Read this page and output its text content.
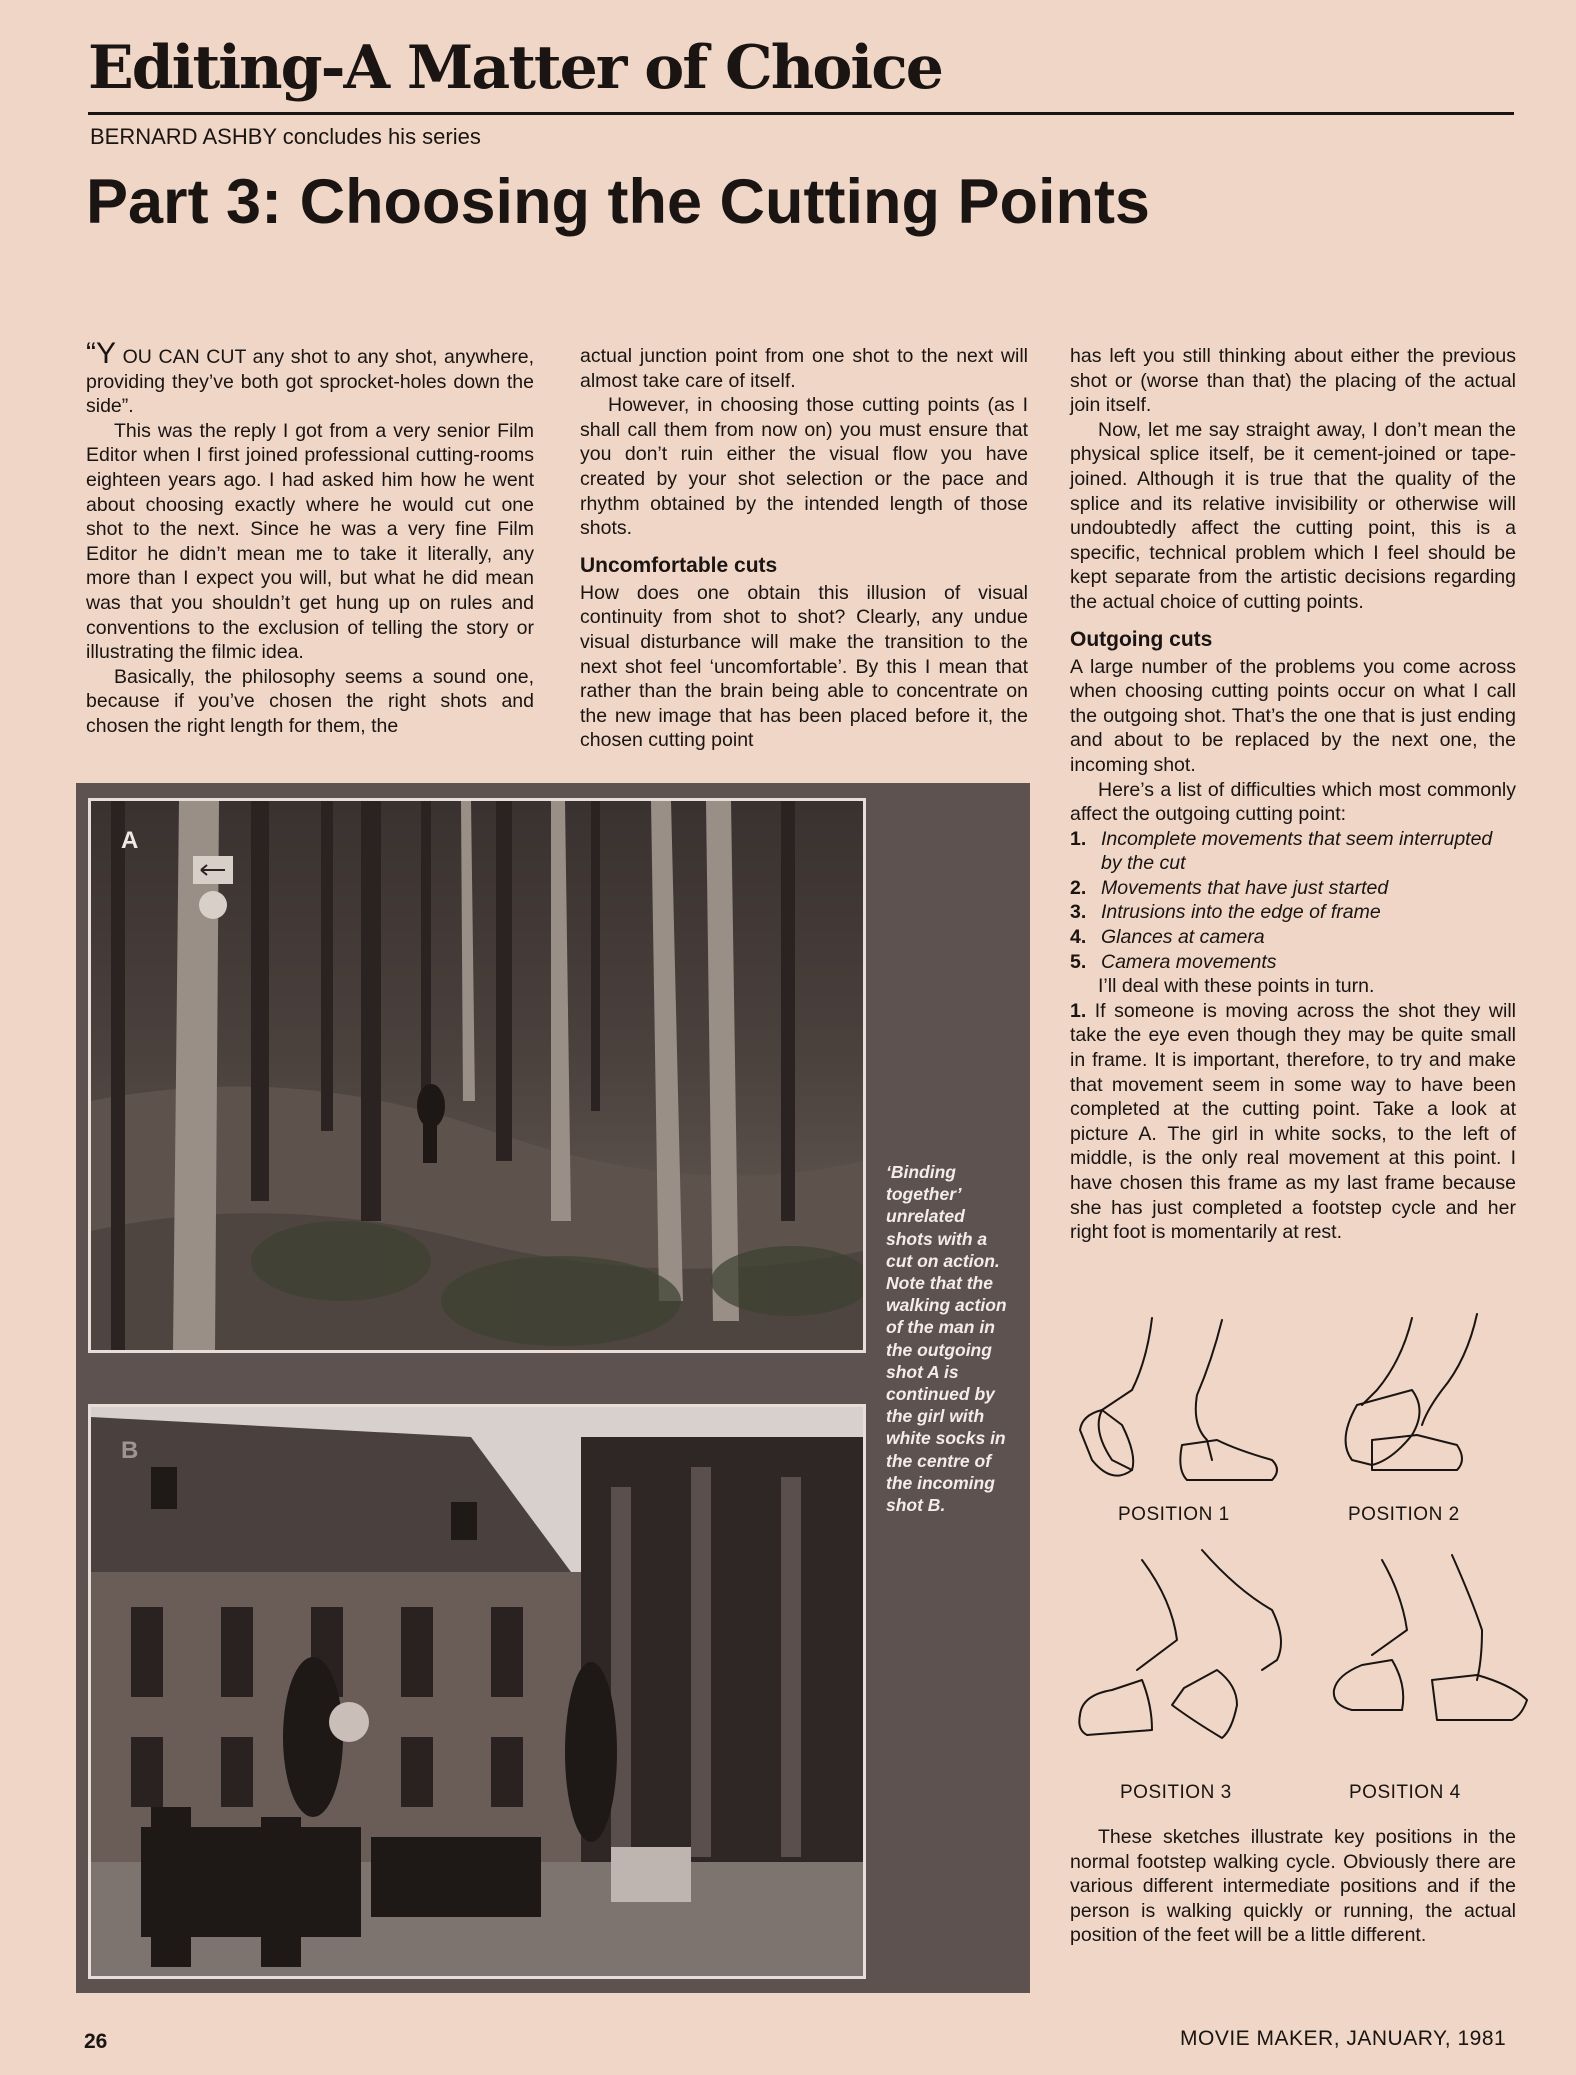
Editing-A Matter of Choice
BERNARD ASHBY concludes his series
Part 3: Choosing the Cutting Points

“Y OU CAN CUT any shot to any shot, anywhere, providing they’ve both got sprocket-holes down the side”.

This was the reply I got from a very senior Film Editor when I first joined professional cutting-rooms eighteen years ago. I had asked him how he went about choosing exactly where he would cut one shot to the next. Since he was a very fine Film Editor he didn’t mean me to take it literally, any more than I expect you will, but what he did mean was that you shouldn’t get hung up on rules and conventions to the exclusion of telling the story or illustrating the filmic idea.

Basically, the philosophy seems a sound one, because if you’ve chosen the right shots and chosen the right length for them, the

actual junction point from one shot to the next will almost take care of itself.

However, in choosing those cutting points (as I shall call them from now on) you must ensure that you don’t ruin either the visual flow you have created by your shot selection or the pace and rhythm obtained by the intended length of those shots.

Uncomfortable cuts

How does one obtain this illusion of visual continuity from shot to shot? Clearly, any undue visual disturbance will make the transition to the next shot feel ‘uncomfortable’. By this I mean that rather than the brain being able to concentrate on the new image that has been placed before it, the chosen cutting point

has left you still thinking about either the previous shot or (worse than that) the placing of the actual join itself.

Now, let me say straight away, I don’t mean the physical splice itself, be it cement-joined or tape-joined. Although it is true that the quality of the splice and its relative invisibility or otherwise will undoubtedly affect the cutting point, this is a specific, technical problem which I feel should be kept separate from the artistic decisions regarding the actual choice of cutting points.

Outgoing cuts

A large number of the problems you come across when choosing cutting points occur on what I call the outgoing shot. That’s the one that is just ending and about to be replaced by the next one, the incoming shot.

Here’s a list of difficulties which most commonly affect the outgoing cutting point:

1. Incomplete movements that seem interrupted by the cut
2. Movements that have just started
3. Intrusions into the edge of frame
4. Glances at camera
5. Camera movements

I’ll deal with these points in turn.

1. If someone is moving across the shot they will take the eye even though they may be quite small in frame. It is important, therefore, to try and make that movement seem in some way to have been completed at the cutting point. Take a look at picture A. The girl in white socks, to the left of middle, is the only real movement at this point. I have chosen this frame as my last frame because she has just completed a footstep cycle and her right foot is momentarily at rest.

A
B
‘Binding together’ unrelated shots with a cut on action. Note that the walking action of the man in the outgoing shot A is continued by the girl with white socks in the centre of the incoming shot B.	POSITION 1	POSITION 2
POSITION 3	POSITION 4

These sketches illustrate key positions in the normal footstep walking cycle. Obviously there are various different intermediate positions and if the person is walking quickly or running, the actual position of the feet will be a little different.

26	MOVIE MAKER, JANUARY, 1981
